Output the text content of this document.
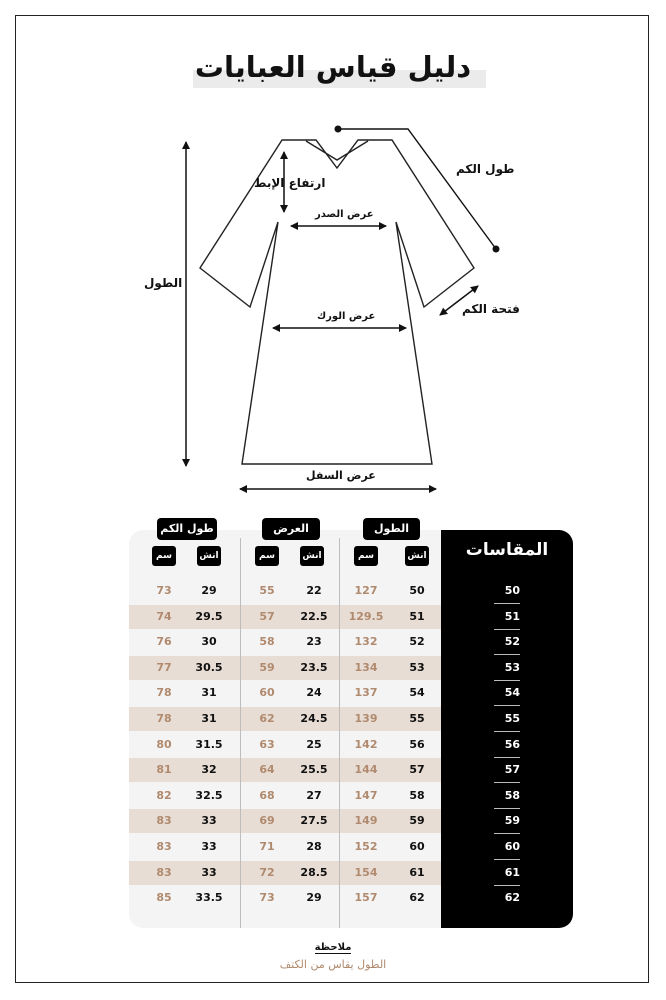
دليل قياس العبايات
طول الكم
ارتفاع الإبط
عرض الصدر
الطول
فتحة الكم
عرض الورك
عرض السفل
طول الكم	العرض	الطول
سم	انش	سم	انش	سم	انش	المقاسات
73	29	55	22	127	50	50
74	29.5	57	22.5	129.5	51	51
76	30	58	23	132	52	52
77	30.5	59	23.5	134	53	53
78	31	60	24	137	54	54
78	31	62	24.5	139	55	55
80	31.5	63	25	142	56	56
81	32	64	25.5	144	57	57
82	32.5	68	27	147	58	58
83	33	69	27.5	149	59	59
83	33	71	28	152	60	60
83	33	72	28.5	154	61	61
85	33.5	73	29	157	62	62
ملاحظة
الطول يقاس من الكتف
